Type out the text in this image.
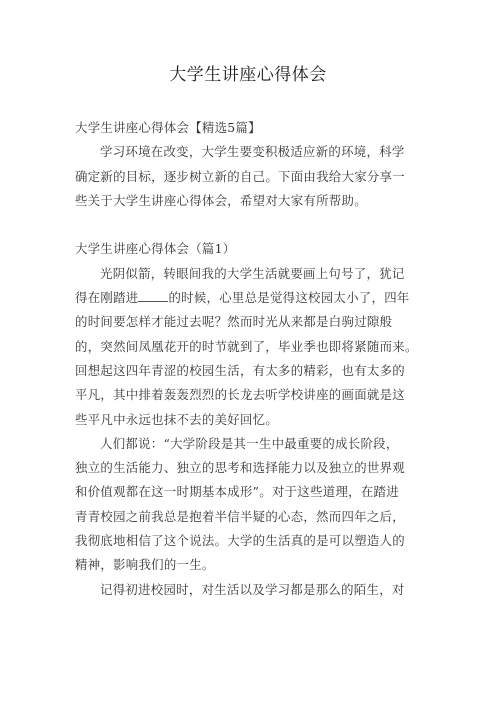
大学生讲座心得体会
大学生讲座心得体会【精选5篇】
学习环境在改变，大学生要变积极适应新的环境，科学
确定新的目标，逐步树立新的自己。下面由我给大家分享一
些关于大学生讲座心得体会，希望对大家有所帮助。
大学生讲座心得体会（篇1）
光阴似箭，转眼间我的大学生活就要画上句号了，犹记
得在刚踏进 的时候，心里总是觉得这校园太小了，四年
的时间要怎样才能过去呢？然而时光从来都是白驹过隙般
的，突然间凤凰花开的时节就到了，毕业季也即将紧随而来。
回想起这四年青涩的校园生活，有太多的精彩，也有太多的
平凡，其中排着轰轰烈烈的长龙去听学校讲座的画面就是这
些平凡中永远也抹不去的美好回忆。
人们都说：“大学阶段是其一生中最重要的成长阶段，
独立的生活能力、独立的思考和选择能力以及独立的世界观
和价值观都在这一时期基本成形”。对于这些道理，在踏进
青青校园之前我总是抱着半信半疑的心态，然而四年之后，
我彻底地相信了这个说法。大学的生活真的是可以塑造人的
精神，影响我们的一生。
记得初进校园时，对生活以及学习都是那么的陌生，对
